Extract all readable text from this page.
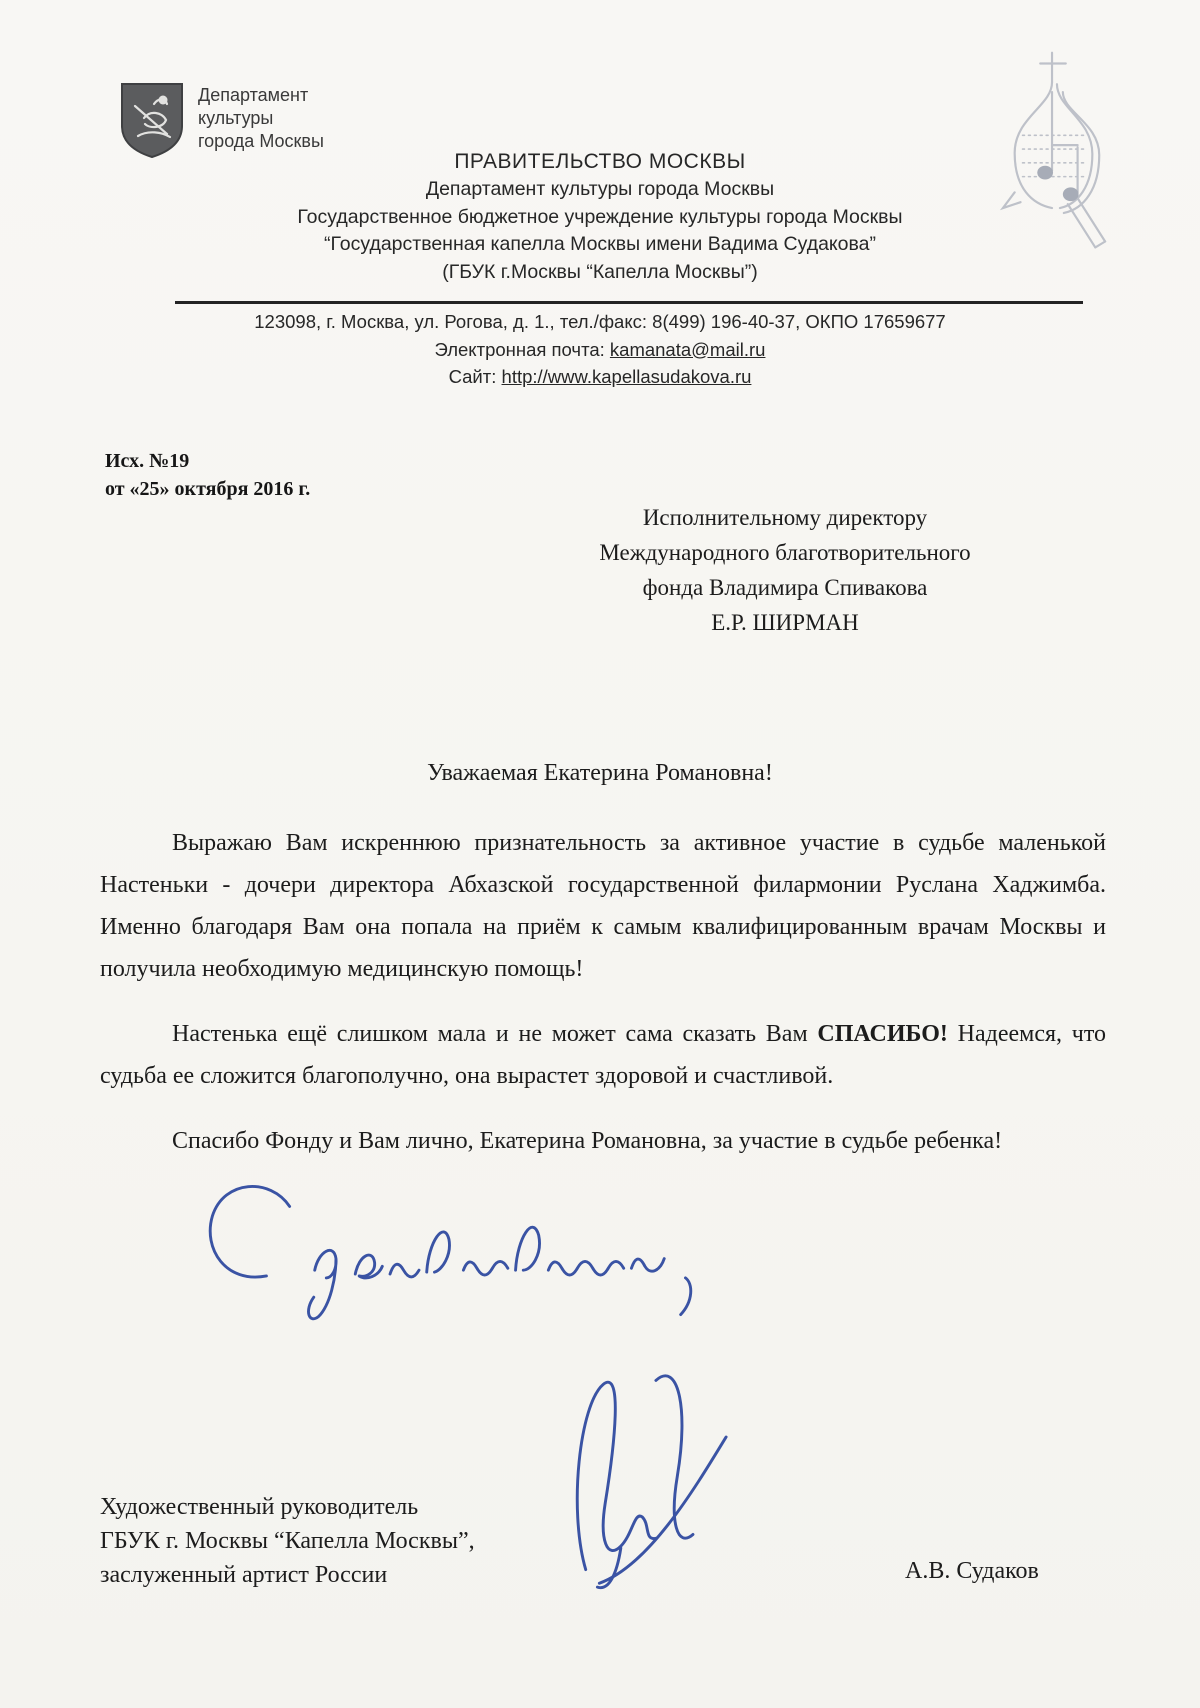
Департамент
культуры
города Москвы
ПРАВИТЕЛЬСТВО МОСКВЫ
Департамент культуры города Москвы
Государственное бюджетное учреждение культуры города Москвы
“Государственная капелла Москвы имени Вадима Судакова”
(ГБУК г.Москвы “Капелла Москвы”)
123098, г. Москва, ул. Рогова, д. 1., тел./факс: 8(499) 196-40-37, ОКПО 17659677
Электронная почта: kamanata@mail.ru
Сайт: http://www.kapellasudakova.ru
Исх. №19
от «25» октября 2016 г.
Исполнительному директору
Международного благотворительного
фонда Владимира Спивакова
Е.Р. ШИРМАН
Уважаемая Екатерина Романовна!

Выражаю Вам искреннюю признательность за активное участие в судьбе маленькой Настеньки - дочери директора Абхазской государственной филармонии Руслана Хаджимба. Именно благодаря Вам она попала на приём к самым квалифицированным врачам Москвы и получила необходимую медицинскую помощь!

Настенька ещё слишком мала и не может сама сказать Вам СПАСИБО! Надеемся, что судьба ее сложится благополучно, она вырастет здоровой и счастливой.

Спасибо Фонду и Вам лично, Екатерина Романовна, за участие в судьбе ребенка!

Художественный руководитель
ГБУК г. Москвы “Капелла Москвы”,
заслуженный артист России	А.В. Судаков
